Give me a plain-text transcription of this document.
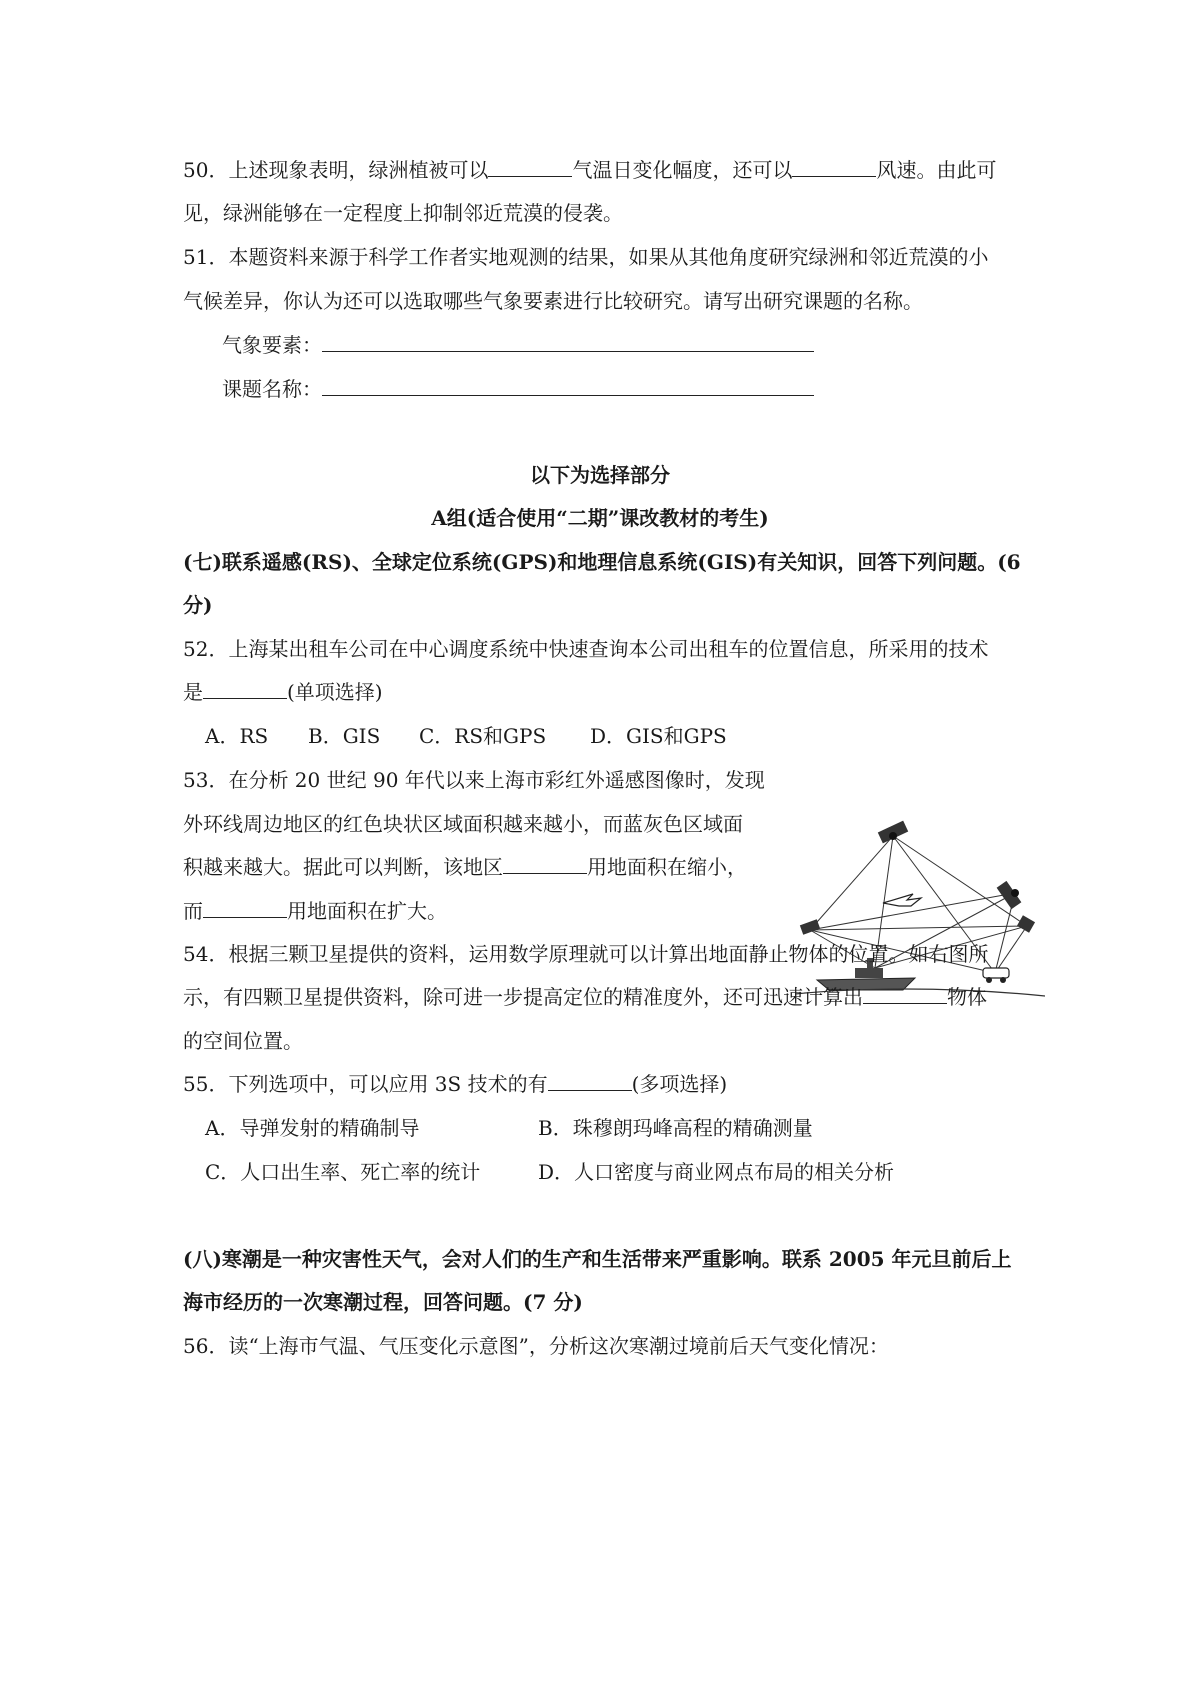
50．上述现象表明，绿洲植被可以	气温日变化幅度，还可以	风速。由此可
见，绿洲能够在一定程度上抑制邻近荒漠的侵袭。
51．本题资料来源于科学工作者实地观测的结果，如果从其他角度研究绿洲和邻近荒漠的小
气候差异，你认为还可以选取哪些气象要素进行比较研究。请写出研究课题的名称。
气象要素：
课题名称：
以下为选择部分
A组(适合使用“二期”课改教材的考生)
(七)联系遥感(RS)、全球定位系统(GPS)和地理信息系统(GIS)有关知识，回答下列问题。(6
分)
52．上海某出租车公司在中心调度系统中快速查询本公司出租车的位置信息，所采用的技术
是	(单项选择)
A．RS B．GIS C．RS和GPS D．GIS和GPS
53．在分析 20 世纪 90 年代以来上海市彩红外遥感图像时，发现
外环线周边地区的红色块状区域面积越来越小，而蓝灰色区域面
积越来越大。据此可以判断，该地区	用地面积在缩小，
而	用地面积在扩大。
54．根据三颗卫星提供的资料，运用数学原理就可以计算出地面静止物体的位置。如右图所
示，有四颗卫星提供资料，除可进一步提高定位的精准度外，还可迅速计算出	物体
的空间位置。
55．下列选项中，可以应用 3S 技术的有	(多项选择)
A．导弹发射的精确制导	B．珠穆朗玛峰高程的精确测量
C．人口出生率、死亡率的统计	D．人口密度与商业网点布局的相关分析
(八)寒潮是一种灾害性天气，会对人们的生产和生活带来严重影响。联系 2005 年元旦前后上
海市经历的一次寒潮过程，回答问题。(7 分)
56．读“上海市气温、气压变化示意图”，分析这次寒潮过境前后天气变化情况：
